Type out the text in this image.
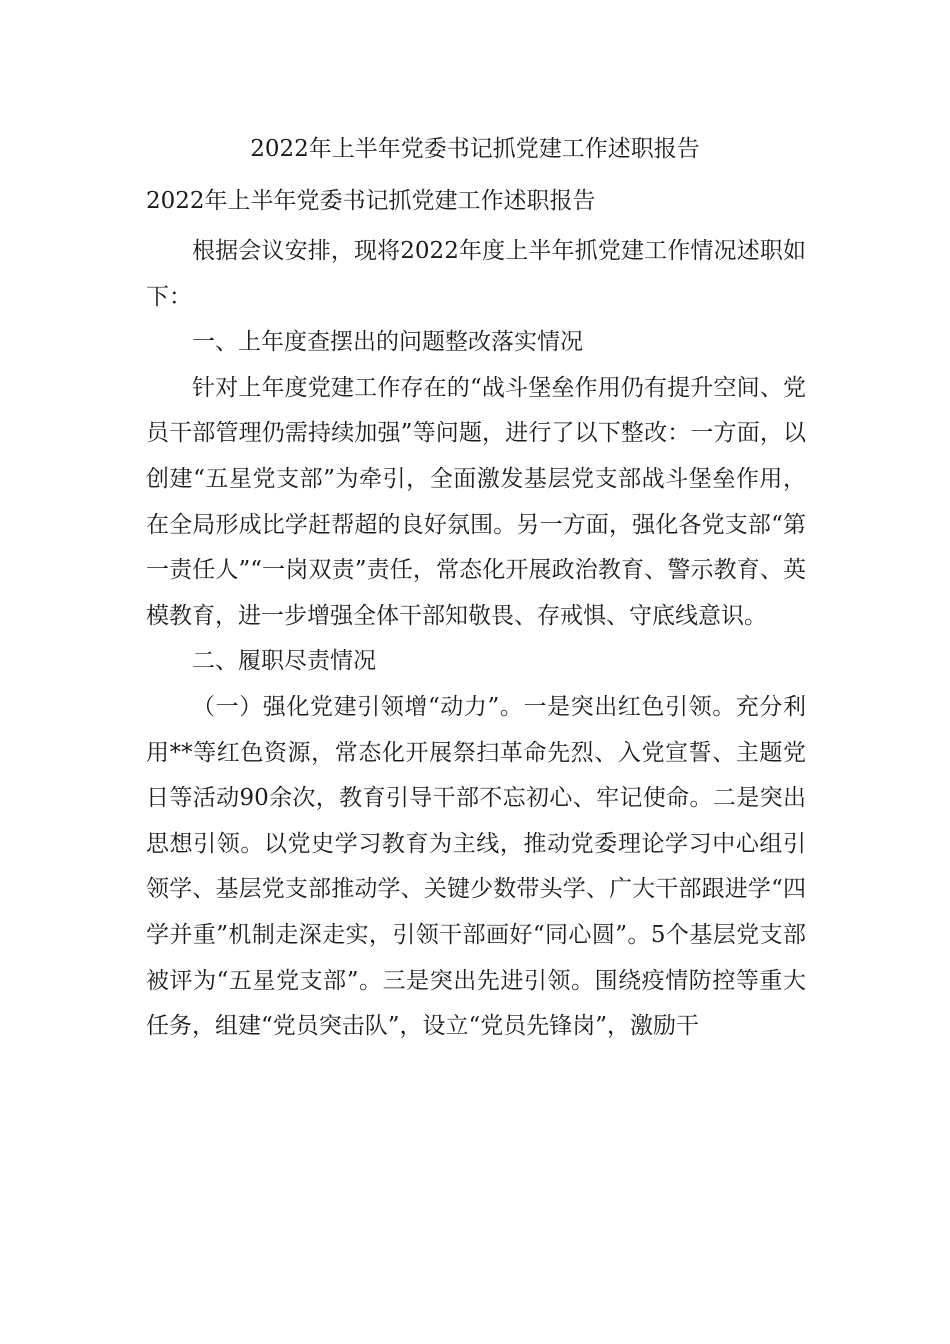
2022年上半年党委书记抓党建工作述职报告
2022年上半年党委书记抓党建工作述职报告

根据会议安排，现将2022年度上半年抓党建工作情况述职如下：

一、上年度查摆出的问题整改落实情况

针对上年度党建工作存在的“战斗堡垒作用仍有提升空间、党员干部管理仍需持续加强”等问题，进行了以下整改：一方面，以创建“五星党支部”为牵引，全面激发基层党支部战斗堡垒作用，在全局形成比学赶帮超的良好氛围。另一方面，强化各党支部“第一责任人”“一岗双责”责任，常态化开展政治教育、警示教育、英模教育，进一步增强全体干部知敬畏、存戒惧、守底线意识。

二、履职尽责情况

（一）强化党建引领增“动力”。一是突出红色引领。充分利用**等红色资源，常态化开展祭扫革命先烈、入党宣誓、主题党日等活动90余次，教育引导干部不忘初心、牢记使命。二是突出思想引领。以党史学习教育为主线，推动党委理论学习中心组引领学、基层党支部推动学、关键少数带头学、广大干部跟进学“四学并重”机制走深走实，引领干部画好“同心圆”。5个基层党支部被评为“五星党支部”。三是突出先进引领。围绕疫情防控等重大任务，组建“党员突击队”，设立“党员先锋岗”，激励干
